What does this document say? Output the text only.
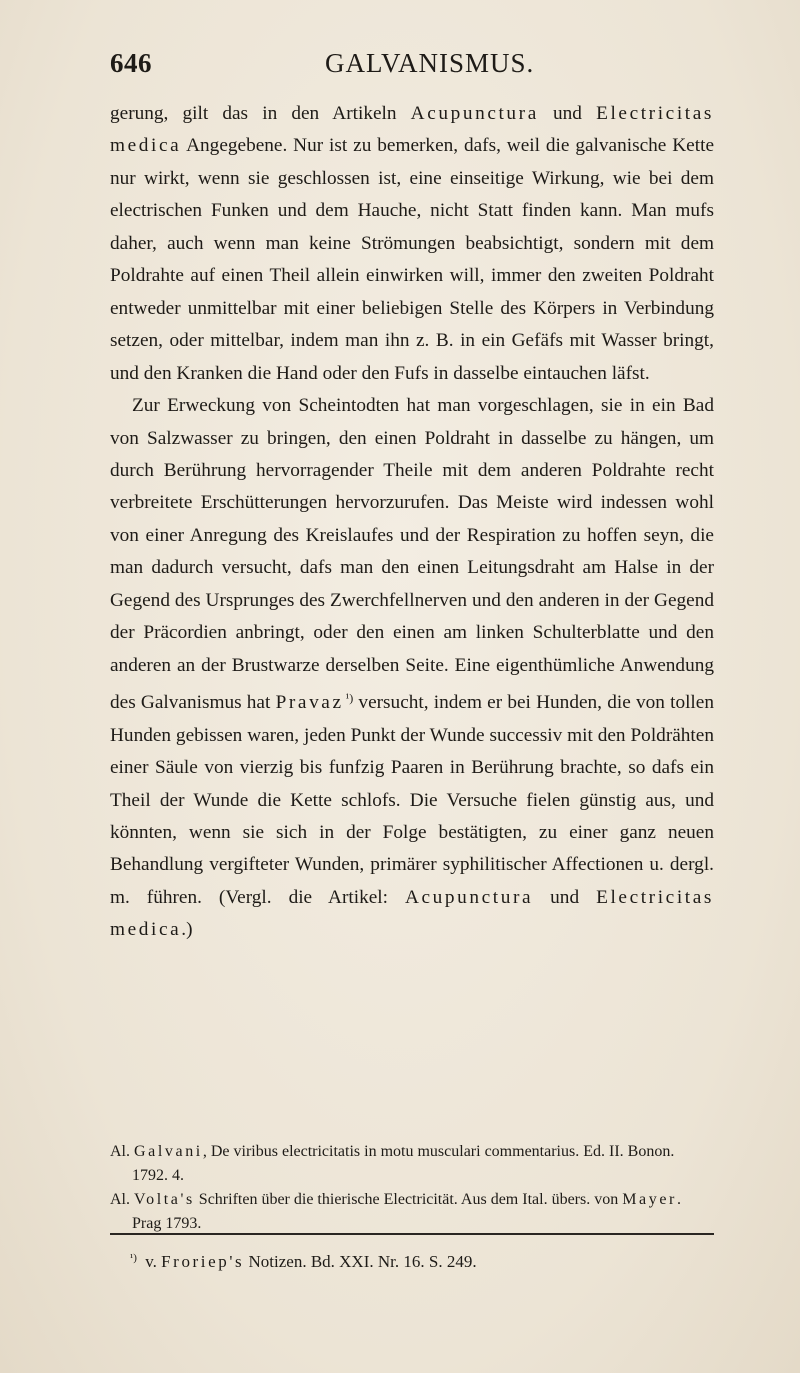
646	GALVANISMUS.

gerung, gilt das in den Artikeln Acupunctura und Electricitas medica Angegebene. Nur ist zu bemerken, dafs, weil die galvanische Kette nur wirkt, wenn sie geschlossen ist, eine einseitige Wirkung, wie bei dem electrischen Funken und dem Hauche, nicht Statt finden kann. Man mufs daher, auch wenn man keine Strömungen beabsichtigt, sondern mit dem Poldrahte auf einen Theil allein einwirken will, immer den zweiten Poldraht entweder unmittelbar mit einer beliebigen Stelle des Körpers in Verbindung setzen, oder mittelbar, indem man ihn z. B. in ein Gefäfs mit Wasser bringt, und den Kranken die Hand oder den Fufs in dasselbe eintauchen läfst.

Zur Erweckung von Scheintodten hat man vorgeschlagen, sie in ein Bad von Salzwasser zu bringen, den einen Poldraht in dasselbe zu hängen, um durch Berührung hervorragender Theile mit dem anderen Poldrahte recht verbreitete Erschütterungen hervorzurufen. Das Meiste wird indessen wohl von einer Anregung des Kreislaufes und der Respiration zu hoffen seyn, die man dadurch versucht, dafs man den einen Leitungsdraht am Halse in der Gegend des Ursprunges des Zwerchfellnerven und den anderen in der Gegend der Präcordien anbringt, oder den einen am linken Schulterblatte und den anderen an der Brustwarze derselben Seite. Eine eigenthümliche Anwendung des Galvanismus hat Pravaz $^{^1)}$ versucht, indem er bei Hunden, die von tollen Hunden gebissen waren, jeden Punkt der Wunde successiv mit den Poldrähten einer Säule von vierzig bis funfzig Paaren in Berührung brachte, so dafs ein Theil der Wunde die Kette schlofs. Die Versuche fielen günstig aus, und könnten, wenn sie sich in der Folge bestätigten, zu einer ganz neuen Behandlung vergifteter Wunden, primärer syphilitischer Affectionen u. dergl. m. führen. (Vergl. die Artikel: Acupunctura und Electricitas medica.)

Al. Galvani, De viribus electricitatis in motu musculari commentarius. Ed. II. Bonon. 1792. 4.

Al. Volta's Schriften über die thierische Electricität. Aus dem Ital. übers. von Mayer. Prag 1793.

$^{^1)}$ v. Froriep's Notizen. Bd. XXI. Nr. 16. S. 249.
